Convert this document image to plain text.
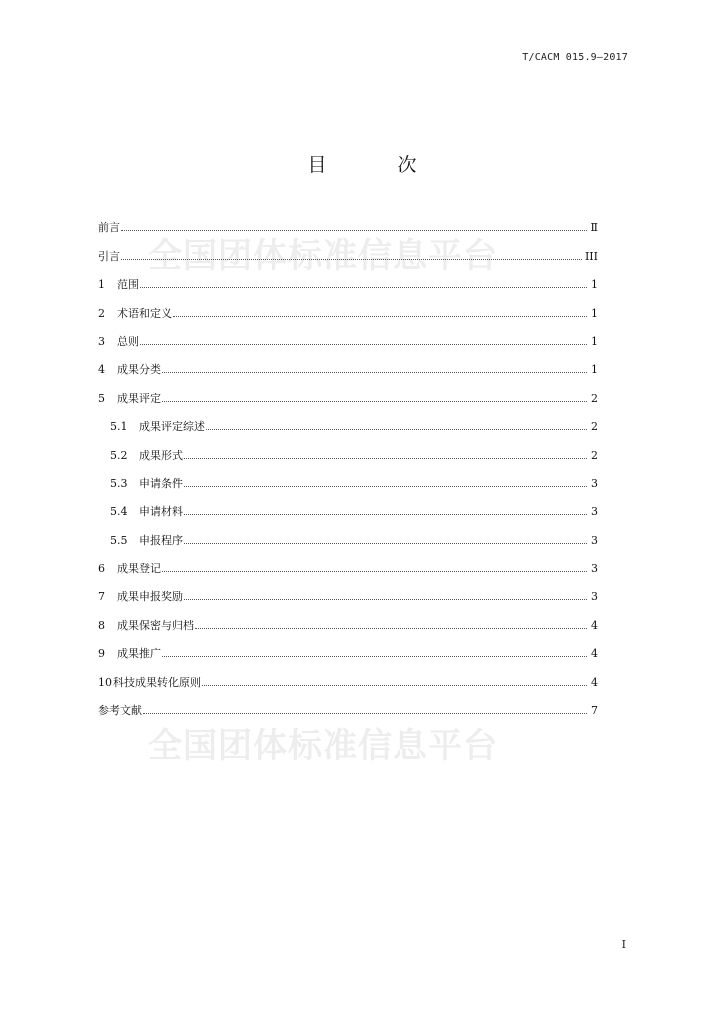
T/CACM 015.9—2017
目　次
全国团体标准信息平台
全国团体标准信息平台
前言	Ⅱ
引言	III
1	范围	1
2	术语和定义	1
3	总则	1
4	成果分类	1
5	成果评定	2
5.1	成果评定综述	2
5.2	成果形式	2
5.3	申请条件	3
5.4	申请材料	3
5.5	申报程序	3
6	成果登记	3
7	成果申报奖励	3
8	成果保密与归档	4
9	成果推广	4
10 科技成果转化原则	4
参考文献	7
I
